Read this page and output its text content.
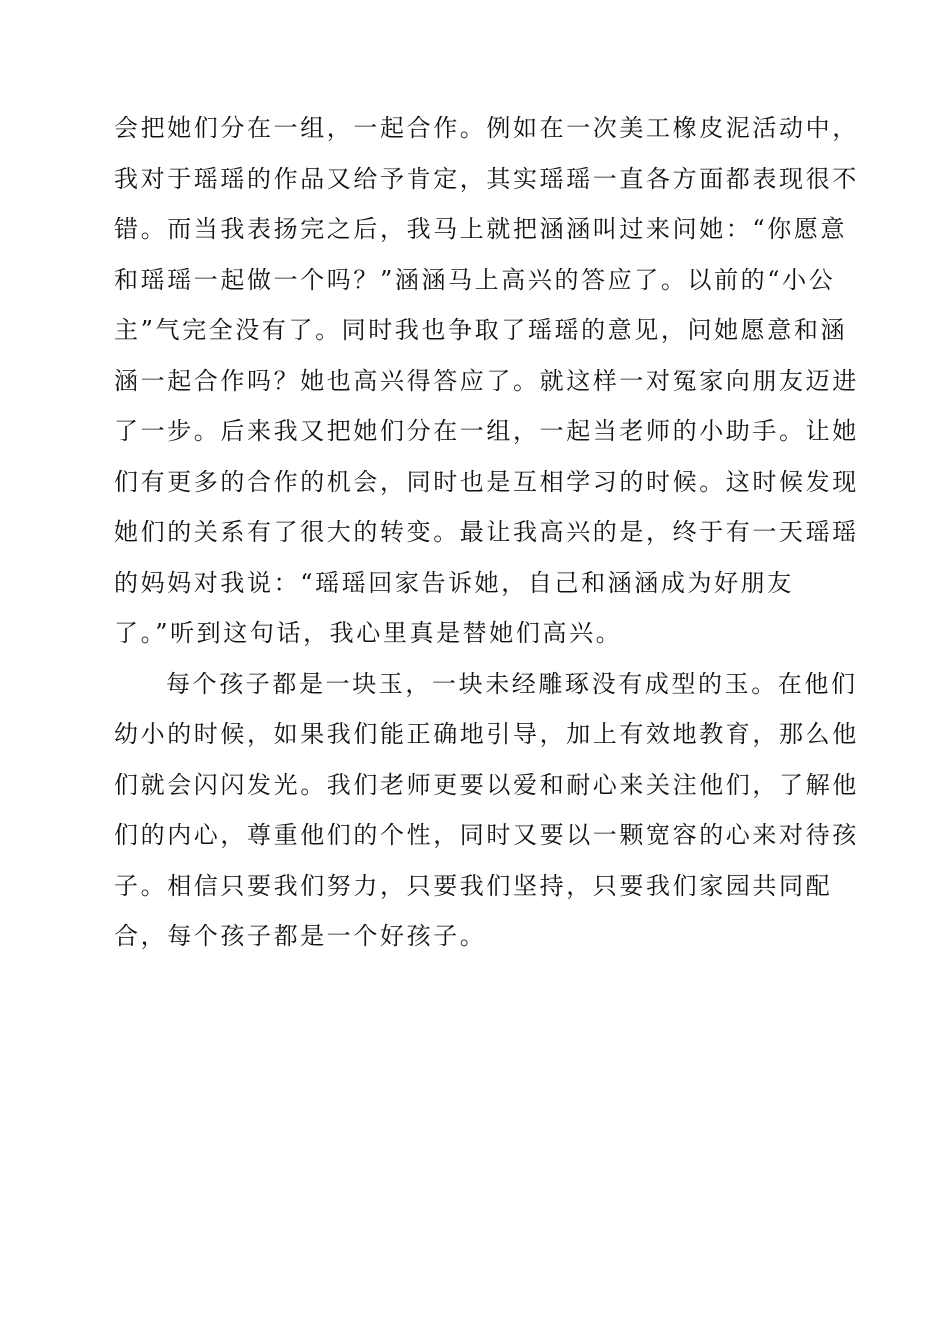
会把她们分在一组，一起合作。例如在一次美工橡皮泥活动中，
我对于瑶瑶的作品又给予肯定，其实瑶瑶一直各方面都表现很不
错。而当我表扬完之后，我马上就把涵涵叫过来问她：“你愿意
和瑶瑶一起做一个吗？”涵涵马上高兴的答应了。以前的“小公
主”气完全没有了。同时我也争取了瑶瑶的意见，问她愿意和涵
涵一起合作吗？她也高兴得答应了。就这样一对冤家向朋友迈进
了一步。后来我又把她们分在一组，一起当老师的小助手。让她
们有更多的合作的机会，同时也是互相学习的时候。这时候发现
她们的关系有了很大的转变。最让我高兴的是，终于有一天瑶瑶
的妈妈对我说：“瑶瑶回家告诉她，自己和涵涵成为好朋友
了。”听到这句话，我心里真是替她们高兴。
每个孩子都是一块玉，一块未经雕琢没有成型的玉。在他们
幼小的时候，如果我们能正确地引导，加上有效地教育，那么他
们就会闪闪发光。我们老师更要以爱和耐心来关注他们，了解他
们的内心，尊重他们的个性，同时又要以一颗宽容的心来对待孩
子。相信只要我们努力，只要我们坚持，只要我们家园共同配
合，每个孩子都是一个好孩子。
